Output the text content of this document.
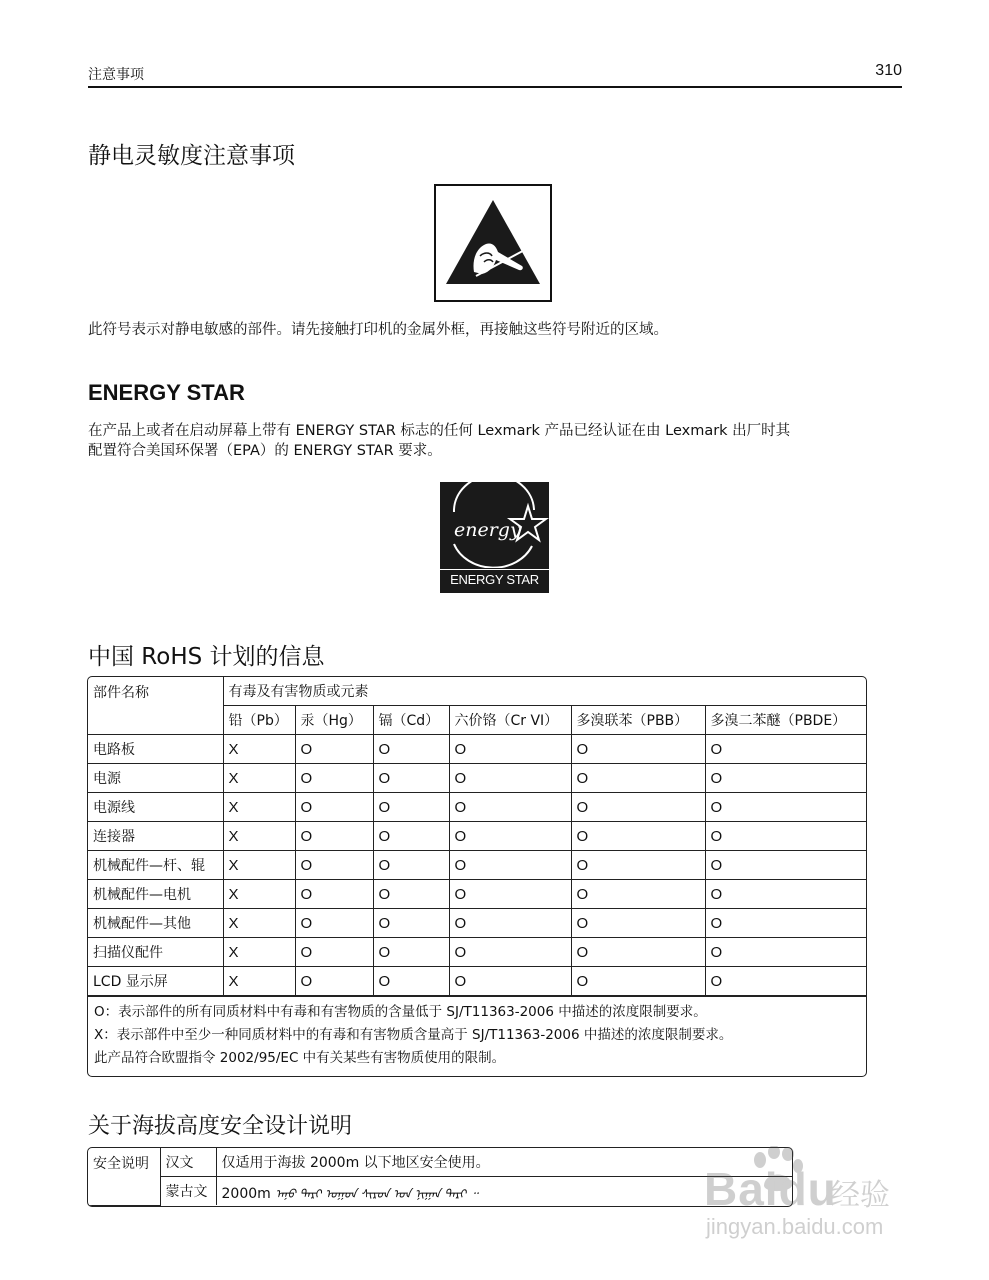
注意事项	310
静电灵敏度注意事项

此符号表示对静电敏感的部件。请先接触打印机的金属外框，再接触这些符号附近的区域。

ENERGY STAR

在产品上或者在启动屏幕上带有 ENERGY STAR 标志的任何 Lexmark 产品已经认证在由 Lexmark 出厂时其
配置符合美国环保署（EPA）的 ENERGY STAR 要求。

energy
ENERGY STAR
中国 RoHS 计划的信息
部件名称	有毒及有害物质或元素					
	铅（Pb）	汞（Hg）	镉（Cd）	六价铬（Cr VI）	多溴联苯（PBB）	多溴二苯醚（PBDE）
电路板	X	O	O	O	O	O
电源	X	O	O	O	O	O
电源线	X	O	O	O	O	O
连接器	X	O	O	O	O	O
机械配件—杆、辊	X	O	O	O	O	O
机械配件—电机	X	O	O	O	O	O
机械配件—其他	X	O	O	O	O	O
扫描仪配件	X	O	O	O	O	O
LCD 显示屏	X	O	O	O	O	O
O：表示部件的所有同质材料中有毒和有害物质的含量低于 SJ/T11363-2006 中描述的浓度限制要求。
X：表示部件中至少一种同质材料中的有毒和有害物质含量高于 SJ/T11363-2006 中描述的浓度限制要求。
此产品符合欧盟指令 2002/95/EC 中有关某些有害物质使用的限制。
关于海拔高度安全设计说明
安全说明	汉文	仅适用于海拔 2000m 以下地区安全使用。
	蒙古文	2000m ᠠᠨᠤ ᠳᠠᠷᠢ ᠣᠭᠤᠨ ᠰᠢᠷᠤᠨ ᠤᠨ ᠨᠢᠭᠠᠨ ᠳᠠᠷᠢ ᠃	Baidu
经验
jingyan.baidu.com
